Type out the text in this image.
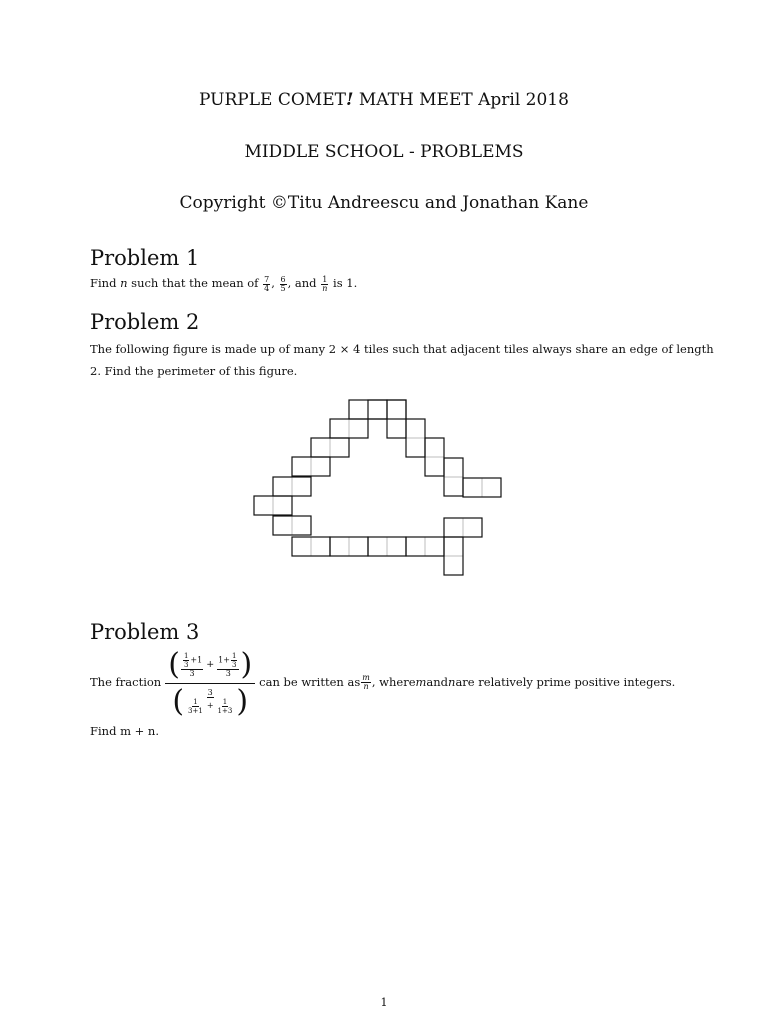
PURPLE COMET! MATH MEET April 2018
MIDDLE SCHOOL - PROBLEMS
Copyright ©Titu Andreescu and Jonathan Kane
Problem 1
Find n such that the mean of $\frac{7}{4}$ , $\frac{6}{5}$ , and $\frac{1}{n}$ is 1.
Problem 2
The following figure is made up of many 2 × 4 tiles such that adjacent tiles always share an edge of length
2. Find the perimeter of this figure.
Problem 3
The fraction
( $\frac{\frac{1}{3} +1}{3} + \frac{1+ \frac{1}{3}}{3}$ )
( $\frac{3}{\frac{1}{3+1} + \frac{1}{1+3}}$ )
can be written as $\frac{m}{n}$ , where m and n are relatively prime positive integers.
Find m + n.
1
